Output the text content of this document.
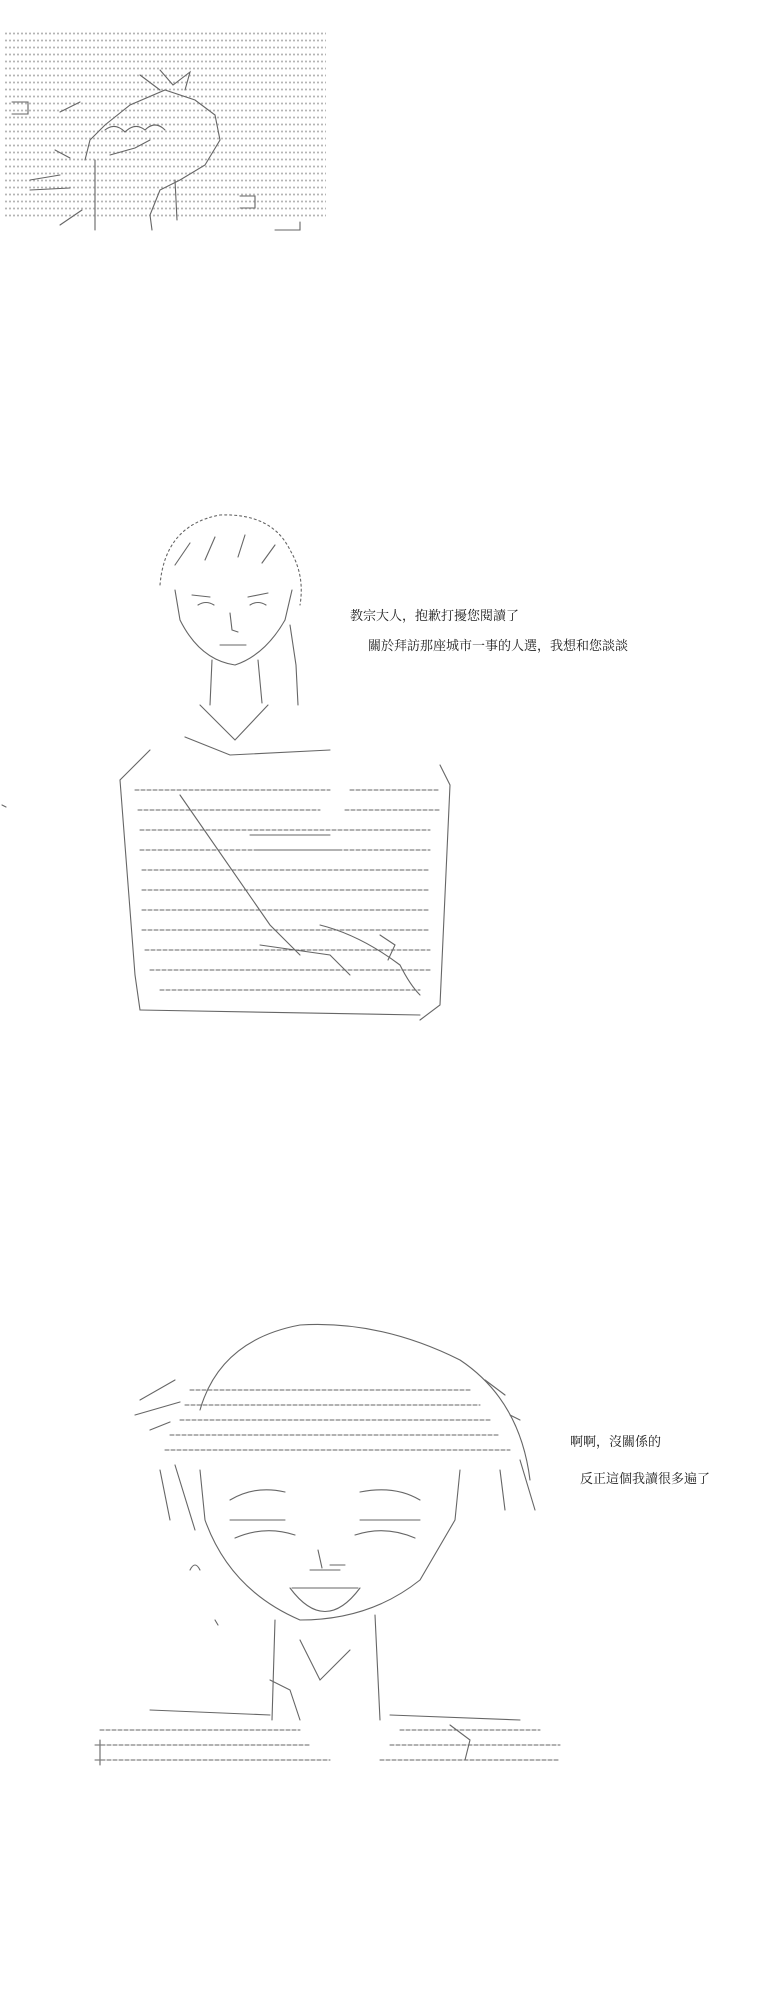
教宗大人，抱歉打擾您閱讀了
關於拜訪那座城市一事的人選，我想和您談談
啊啊，沒關係的
反正這個我讀很多遍了
